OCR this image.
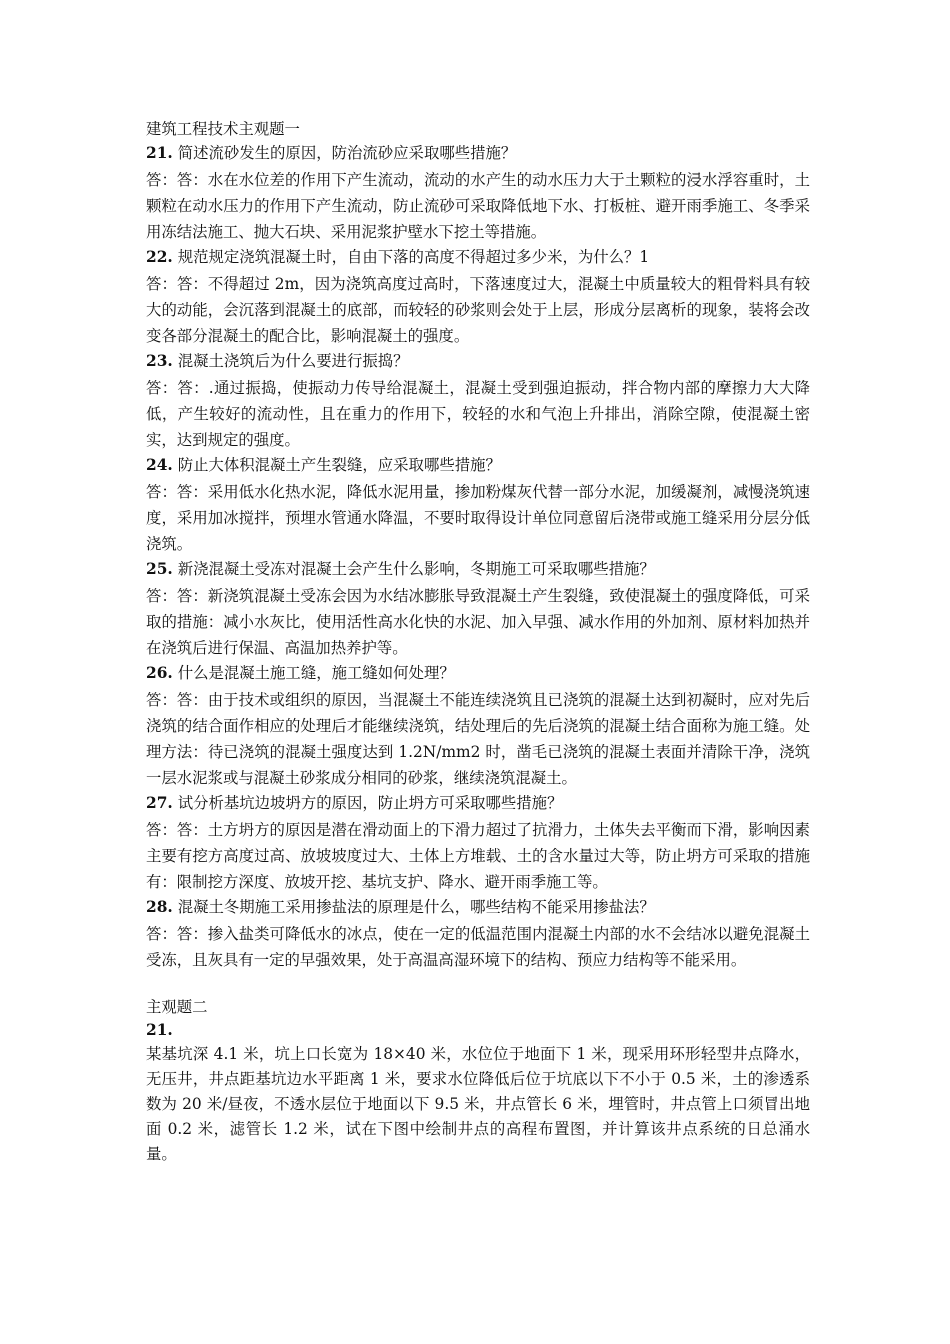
建筑工程技术主观题一
21. 简述流砂发生的原因，防治流砂应采取哪些措施？
答：答：水在水位差的作用下产生流动，流动的水产生的动水压力大于土颗粒的浸水浮容重时，土颗粒在动水压力的作用下产生流动，防止流砂可采取降低地下水、打板桩、避开雨季施工、冬季采用冻结法施工、抛大石块、采用泥浆护壁水下挖土等措施。
22. 规范规定浇筑混凝土时，自由下落的高度不得超过多少米，为什么？1
答：答：不得超过 2m，因为浇筑高度过高时，下落速度过大，混凝土中质量较大的粗骨料具有较大的动能，会沉落到混凝土的底部，而较轻的砂浆则会处于上层，形成分层离析的现象，装将会改变各部分混凝土的配合比，影响混凝土的强度。
23. 混凝土浇筑后为什么要进行振捣？
答：答：.通过振捣，使振动力传导给混凝土，混凝土受到强迫振动，拌合物内部的摩擦力大大降低，产生较好的流动性，且在重力的作用下，较轻的水和气泡上升排出，消除空隙，使混凝土密实，达到规定的强度。
24. 防止大体积混凝土产生裂缝，应采取哪些措施？
答：答：采用低水化热水泥，降低水泥用量，掺加粉煤灰代替一部分水泥，加缓凝剂，减慢浇筑速度，采用加冰搅拌，预埋水管通水降温，不要时取得设计单位同意留后浇带或施工缝采用分层分低浇筑。
25. 新浇混凝土受冻对混凝土会产生什么影响，冬期施工可采取哪些措施？
答：答：新浇筑混凝土受冻会因为水结冰膨胀导致混凝土产生裂缝，致使混凝土的强度降低，可采取的措施：减小水灰比，使用活性高水化快的水泥、加入早强、减水作用的外加剂、原材料加热并在浇筑后进行保温、高温加热养护等。
26. 什么是混凝土施工缝，施工缝如何处理？
答：答：由于技术或组织的原因，当混凝土不能连续浇筑且已浇筑的混凝土达到初凝时，应对先后浇筑的结合面作相应的处理后才能继续浇筑，结处理后的先后浇筑的混凝土结合面称为施工缝。处理方法：待已浇筑的混凝土强度达到 1.2N/mm2 时，凿毛已浇筑的混凝土表面并清除干净，浇筑一层水泥浆或与混凝土砂浆成分相同的砂浆，继续浇筑混凝土。
27. 试分析基坑边坡坍方的原因，防止坍方可采取哪些措施？
答：答：土方坍方的原因是潜在滑动面上的下滑力超过了抗滑力，土体失去平衡而下滑，影响因素主要有挖方高度过高、放坡坡度过大、土体上方堆载、土的含水量过大等，防止坍方可采取的措施有：限制挖方深度、放坡开挖、基坑支护、降水、避开雨季施工等。
28. 混凝土冬期施工采用掺盐法的原理是什么，哪些结构不能采用掺盐法？
答：答：掺入盐类可降低水的冰点，使在一定的低温范围内混凝土内部的水不会结冰以避免混凝土受冻，且灰具有一定的早强效果，处于高温高湿环境下的结构、预应力结构等不能采用。
主观题二
21.
某基坑深 4.1 米，坑上口长宽为 18×40 米，水位位于地面下 1 米，现采用环形轻型井点降水，无压井，井点距基坑边水平距离 1 米，要求水位降低后位于坑底以下不小于 0.5 米，土的渗透系数为 20 米/昼夜，不透水层位于地面以下 9.5 米，井点管长 6 米，埋管时，井点管上口须冒出地面 0.2 米，滤管长 1.2 米，试在下图中绘制井点的高程布置图，并计算该井点系统的日总涌水量。
